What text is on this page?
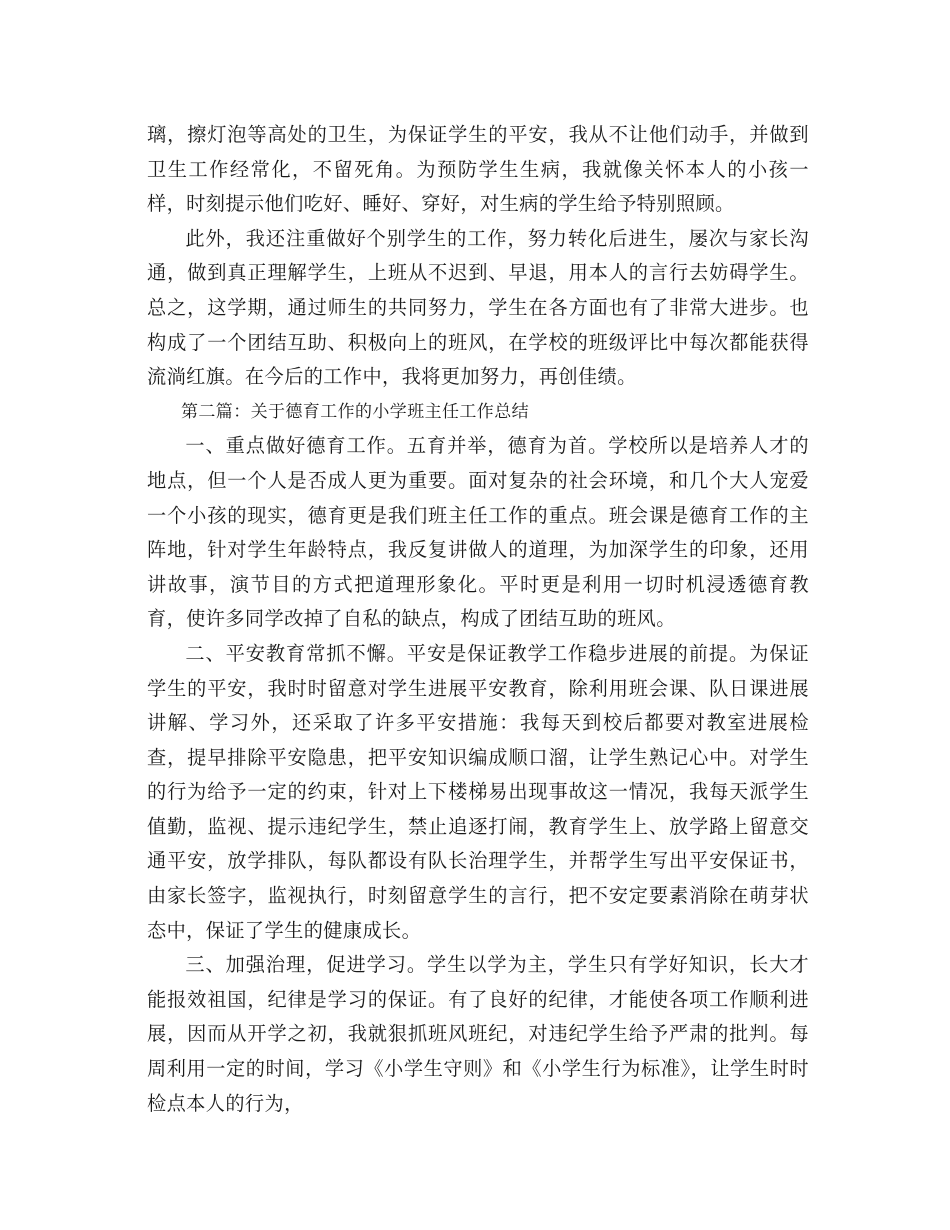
璃，擦灯泡等高处的卫生，为保证学生的平安，我从不让他们动手，并做到卫生工作经常化，不留死角。为预防学生生病，我就像关怀本人的小孩一样，时刻提示他们吃好、睡好、穿好，对生病的学生给予特别照顾。

此外，我还注重做好个别学生的工作，努力转化后进生，屡次与家长沟通，做到真正理解学生，上班从不迟到、早退，用本人的言行去妨碍学生。总之，这学期，通过师生的共同努力，学生在各方面也有了非常大进步。也构成了一个团结互助、积极向上的班风，在学校的班级评比中每次都能获得流淌红旗。在今后的工作中，我将更加努力，再创佳绩。

第二篇：关于德育工作的小学班主任工作总结

一、重点做好德育工作。五育并举，德育为首。学校所以是培养人才的地点，但一个人是否成人更为重要。面对复杂的社会环境，和几个大人宠爱一个小孩的现实，德育更是我们班主任工作的重点。班会课是德育工作的主阵地，针对学生年龄特点，我反复讲做人的道理，为加深学生的印象，还用讲故事，演节目的方式把道理形象化。平时更是利用一切时机浸透德育教育，使许多同学改掉了自私的缺点，构成了团结互助的班风。

二、平安教育常抓不懈。平安是保证教学工作稳步进展的前提。为保证学生的平安，我时时留意对学生进展平安教育，除利用班会课、队日课进展讲解、学习外，还采取了许多平安措施：我每天到校后都要对教室进展检查，提早排除平安隐患，把平安知识编成顺口溜，让学生熟记心中。对学生的行为给予一定的约束，针对上下楼梯易出现事故这一情况，我每天派学生值勤，监视、提示违纪学生，禁止追逐打闹，教育学生上、放学路上留意交通平安，放学排队，每队都设有队长治理学生，并帮学生写出平安保证书，由家长签字，监视执行，时刻留意学生的言行，把不安定要素消除在萌芽状态中，保证了学生的健康成长。

三、加强治理，促进学习。学生以学为主，学生只有学好知识，长大才能报效祖国，纪律是学习的保证。有了良好的纪律，才能使各项工作顺利进展，因而从开学之初，我就狠抓班风班纪，对违纪学生给予严肃的批判。每周利用一定的时间，学习《小学生守则》和《小学生行为标准》，让学生时时检点本人的行为，
